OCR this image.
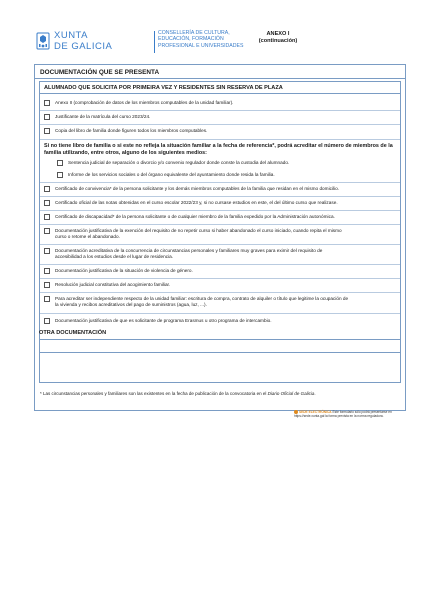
XUNTA
DE GALICIA
CONSELLERÍA DE CULTURA,
EDUCACIÓN, FORMACIÓN
PROFESIONAL E UNIVERSIDADES
ANEXO I
(continuación)
DOCUMENTACIÓN QUE SE PRESENTA
ALUMNADO QUE SOLICITA POR PRIMEIRA VEZ Y RESIDENTES SIN RESERVA DE PLAZA
Anexo II (comprobación de datos de los miembros computables de la unidad familiar).
Justificante de la matrícula del curso 2023/24.
Copia del libro de familia donde figuren todos los miembros computables.
Si no tiene libro de familia o si este no refleja la situación familiar a la fecha de referencia*, podrá acreditar el número de miembros de la familia utilizando, entre otros, alguno de los siguientes medios:
Sentencia judicial de separación o divorcio y/o convenio regulador donde conste la custodia del alumnado.
Informe de los servicios sociales o del órgano equivalente del ayuntamiento donde resida la familia.
Certificado de convivencia* de la persona solicitante y los demás miembros computables de la familia que residan en el mismo domicilio.
Certificado oficial de las notas obtenidas en el curso escolar 2022/23 y, si no cursase estudios en este, el del último curso que realizase.
Certificado de discapacidad* de la persona solicitante o de cualquier miembro de la familia expedido por la Administración autonómica.
Documentación justificativa de la exención del requisito de no repetir curso si haber abandonado el curso iniciado, cuando repita el mismo
curso o retome el abandonado.
Documentación acreditativa de la concurrencia de circunstancias personales y familiares muy graves para eximir del requisito de
accesibilidad a los estudios desde el lugar de residencia.
Documentación justificativa de la situación de violencia de género.
Resolución judicial constitutiva del acogimiento familiar.
Para acreditar ser independiente respecto de la unidad familiar: escritura de compra, contrato de alquiler o título que legitime la ocupación de
la vivienda y recibos acreditativos del pago de suministros (agua, luz, ...).
Documentación justificativa de que es solicitante de programa Erasmus u otro programa de intercambio.
OTRA DOCUMENTACIÓN
* Las circunstancias personales y familiares son las existentes en la fecha de publicación de la convocatoria en el Diario Oficial de Galicia.
SEDE ELECTRÓNICA Este formulario sólo podrá presentarse en
https://sede.xunta.gal la forma prevista en la norma reguladora.
